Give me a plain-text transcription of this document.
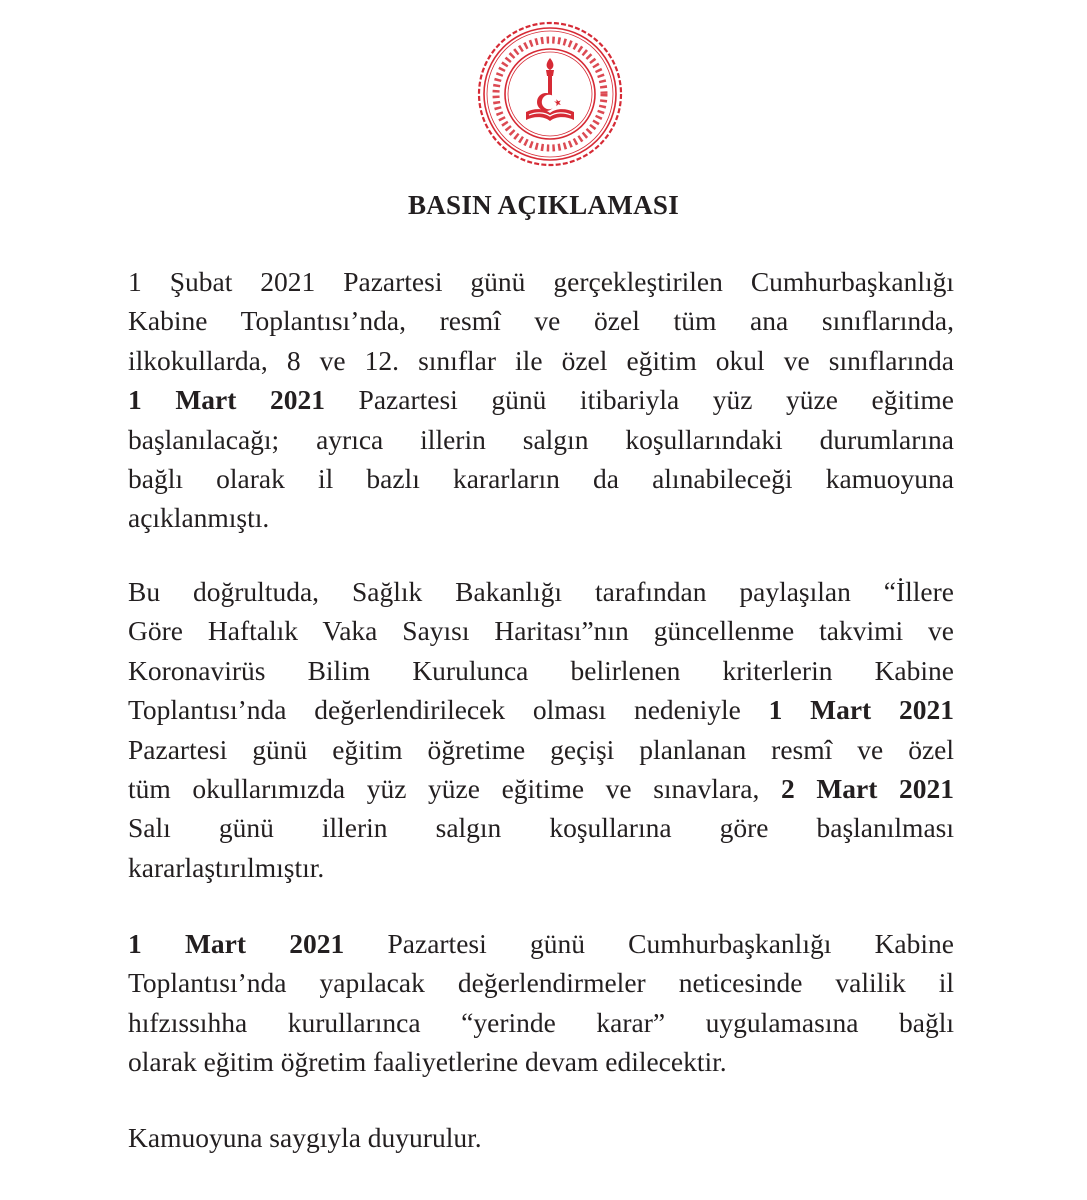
BASIN AÇIKLAMASI
1 Şubat 2021 Pazartesi günü gerçekleştirilen Cumhurbaşkanlığı
Kabine Toplantısı’nda, resmî ve özel tüm ana sınıflarında,
ilkokullarda, 8 ve 12. sınıflar ile özel eğitim okul ve sınıflarında
1 Mart 2021 Pazartesi günü itibariyla yüz yüze eğitime
başlanılacağı; ayrıca illerin salgın koşullarındaki durumlarına
bağlı olarak il bazlı kararların da alınabileceği kamuoyuna
açıklanmıştı.
Bu doğrultuda, Sağlık Bakanlığı tarafından paylaşılan “İllere
Göre Haftalık Vaka Sayısı Haritası”nın güncellenme takvimi ve
Koronavirüs Bilim Kurulunca belirlenen kriterlerin Kabine
Toplantısı’nda değerlendirilecek olması nedeniyle 1 Mart 2021
Pazartesi günü eğitim öğretime geçişi planlanan resmî ve özel
tüm okullarımızda yüz yüze eğitime ve sınavlara, 2 Mart 2021
Salı günü illerin salgın koşullarına göre başlanılması
kararlaştırılmıştır.
1 Mart 2021 Pazartesi günü Cumhurbaşkanlığı Kabine
Toplantısı’nda yapılacak değerlendirmeler neticesinde valilik il
hıfzıssıhha kurullarınca “yerinde karar” uygulamasına bağlı
olarak eğitim öğretim faaliyetlerine devam edilecektir.
Kamuoyuna saygıyla duyurulur.
